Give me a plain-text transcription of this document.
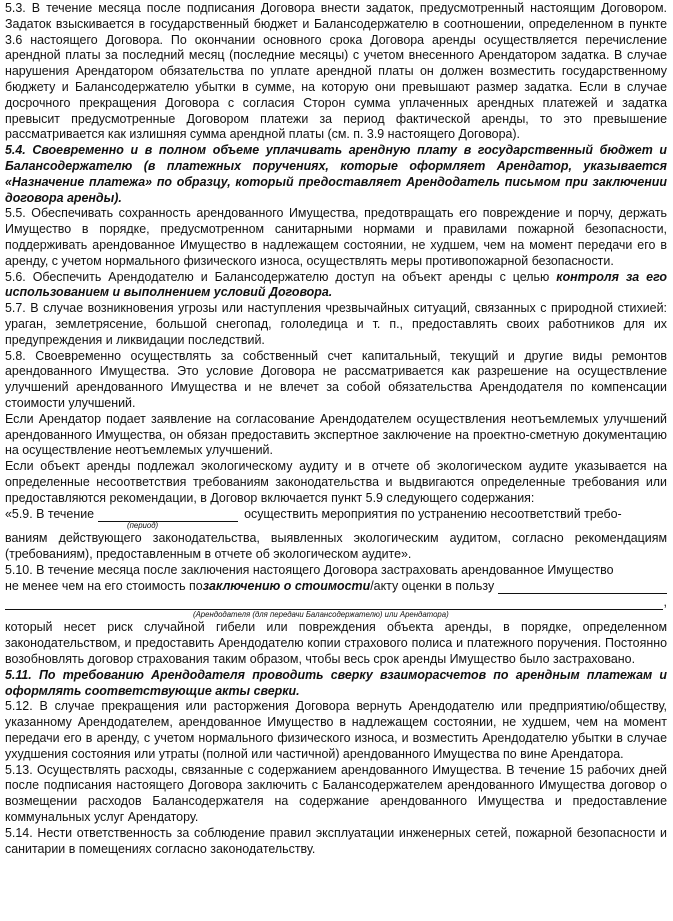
5.3. В течение месяца после подписания Договора внести задаток, предусмотренный настоящим Договором. Задаток взыскивается в государственный бюджет и Балансодержателю в соотношении, определенном в пункте 3.6 настоящего Договора. По окончании основного срока Договора аренды осуществляется перечисление арендной платы за последний месяц (последние месяцы) с учетом внесенного Арендатором задатка. В случае нарушения Арендатором обязательства по уплате арендной платы он должен возместить государственному бюджету и Балансодержателю убытки в сумме, на которую они превышают размер задатка. Если в случае досрочного прекращения Договора с согласия Сторон сумма уплаченных арендных платежей и задатка превысит предусмотренные Договором платежи за период фактической аренды, то это превышение рассматривается как излишняя сумма арендной платы (см. п. 3.9 настоящего Договора).

5.4. Своевременно и в полном объеме уплачивать арендную плату в государственный бюджет и Балансодержателю (в платежных поручениях, которые оформляет Арендатор, указывается «Назначение платежа» по образцу, который предоставляет Арендодатель письмом при заключении договора аренды).

5.5. Обеспечивать сохранность арендованного Имущества, предотвращать его повреждение и порчу, держать Имущество в порядке, предусмотренном санитарными нормами и правилами пожарной безопасности, поддерживать арендованное Имущество в надлежащем состоянии, не худшем, чем на момент передачи его в аренду, с учетом нормального физического износа, осуществлять меры противопожарной безопасности.

5.6. Обеспечить Арендодателю и Балансодержателю доступ на объект аренды с целью контроля за его использованием и выполнением условий Договора.

5.7. В случае возникновения угрозы или наступления чрезвычайных ситуаций, связанных с природной стихией: ураган, землетрясение, большой снегопад, гололедица и т. п., предоставлять своих работников для их предупреждения и ликвидации последствий.

5.8. Своевременно осуществлять за собственный счет капитальный, текущий и другие виды ремонтов арендованного Имущества. Это условие Договора не рассматривается как разрешение на осуществление улучшений арендованного Имущества и не влечет за собой обязательства Арендодателя по компенсации стоимости улучшений.

Если Арендатор подает заявление на согласование Арендодателем осуществления неотъемлемых улучшений арендованного Имущества, он обязан предоставить экспертное заключение на проектно-сметную документацию на осуществление неотъемлемых улучшений.

Если объект аренды подлежал экологическому аудиту и в отчете об экологическом аудите указывается на определенные несоответствия требованиям законодательства и выдвигаются определенные требования или предоставляются рекомендации, в Договор включается пункт 5.9 следующего содержания:

«5.9. В течение	осуществить мероприятия по устранению несоответствий требо-
(период)

ваниям действующего законодательства, выявленных экологическим аудитом, согласно рекомендациям (требованиям), предоставленным в отчете об экологическом аудите».

5.10. В течение месяца после заключения настоящего Договора застраховать арендованное Имущество

не менее чем на его стоимость по заключению о стоимости /акту оценки в пользу
,
(Арендодателя (для передачи Балансодержателю) или Арендатора)

который несет риск случайной гибели или повреждения объекта аренды, в порядке, определенном законодательством, и предоставить Арендодателю копии страхового полиса и платежного поручения. Постоянно возобновлять договор страхования таким образом, чтобы весь срок аренды Имущество было застраховано.

5.11. По требованию Арендодателя проводить сверку взаиморасчетов по арендным платежам и оформлять соответствующие акты сверки.

5.12. В случае прекращения или расторжения Договора вернуть Арендодателю или предприятию/обществу, указанному Арендодателем, арендованное Имущество в надлежащем состоянии, не худшем, чем на момент передачи его в аренду, с учетом нормального физического износа, и возместить Арендодателю убытки в случае ухудшения состояния или утраты (полной или частичной) арендованного Имущества по вине Арендатора.

5.13. Осуществлять расходы, связанные с содержанием арендованного Имущества. В течение 15 рабочих дней после подписания настоящего Договора заключить с Балансодержателем арендованного Имущества договор о возмещении расходов Балансодержателя на содержание арендованного Имущества и предоставление коммунальных услуг Арендатору.

5.14. Нести ответственность за соблюдение правил эксплуатации инженерных сетей, пожарной безопасности и санитарии в помещениях согласно законодательству.
